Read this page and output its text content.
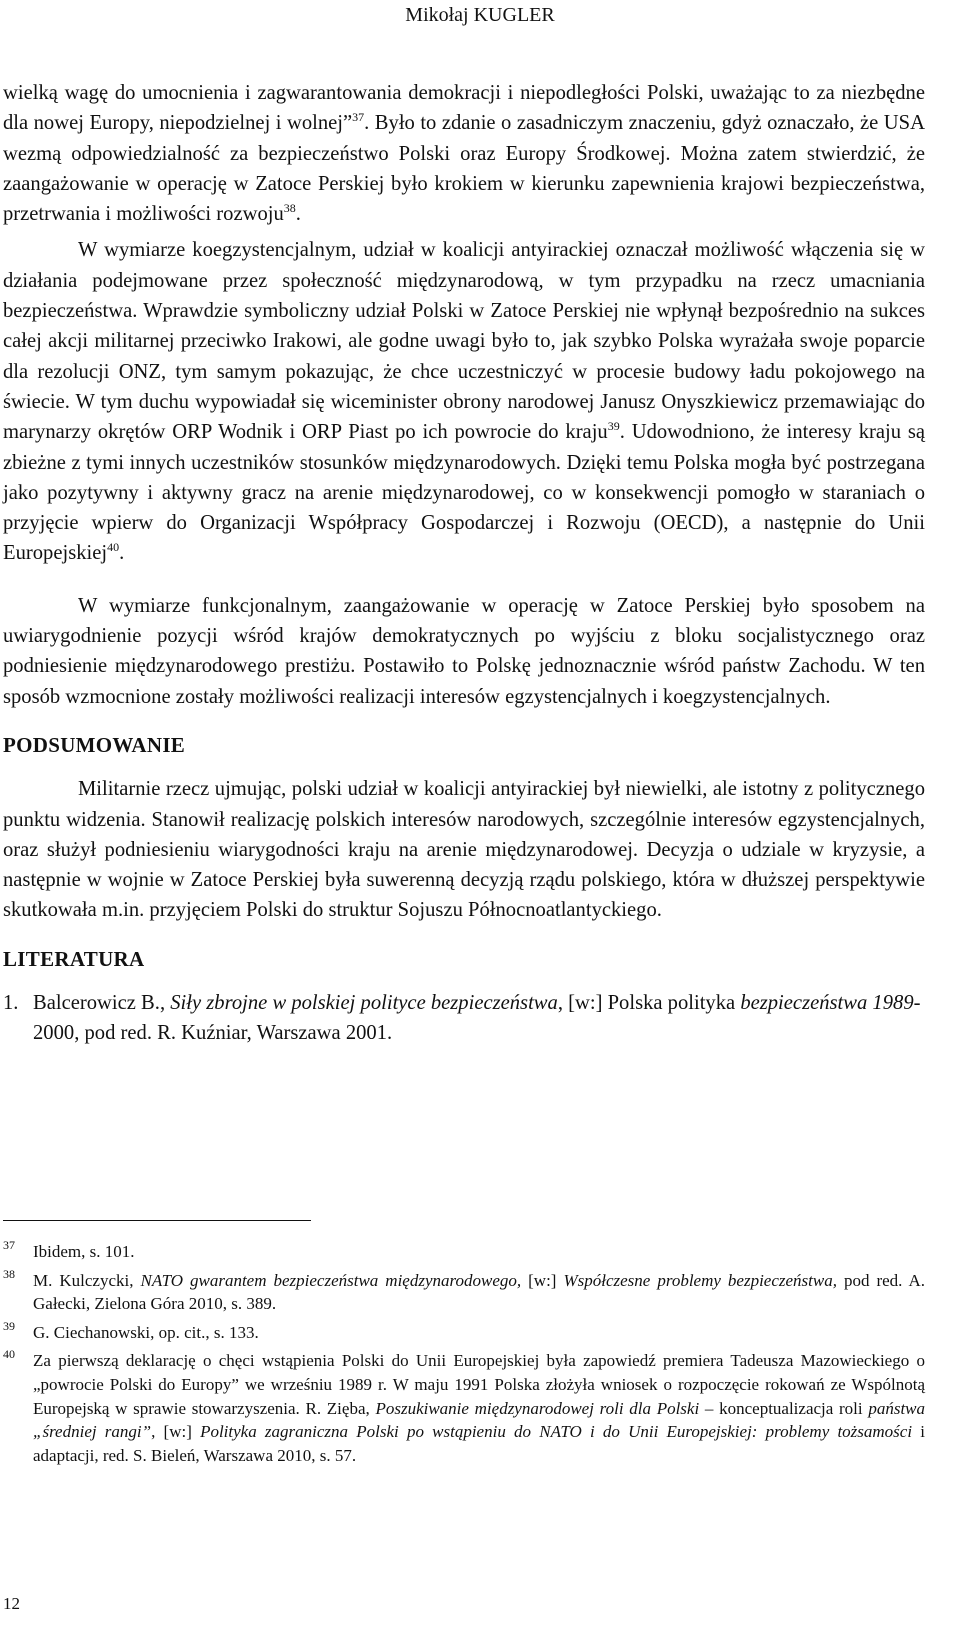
Mikołaj KUGLER

wielką wagę do umocnienia i zagwarantowania demokracji i niepodległości Polski, uważając to za niezbędne dla nowej Europy, niepodzielnej i wolnej”$^{37}$. Było to zdanie o zasadniczym znaczeniu, gdyż oznaczało, że USA wezmą odpowiedzialność za bezpieczeństwo Polski oraz Europy Środkowej. Można zatem stwierdzić, że zaangażowanie w operację w Zatoce Perskiej było krokiem w kierunku zapewnienia krajowi bezpieczeństwa, przetrwania i możliwości rozwoju$^{38}$.

W wymiarze koegzystencjalnym, udział w koalicji antyirackiej oznaczał możliwość włączenia się w działania podejmowane przez społeczność międzynarodową, w tym przypadku na rzecz umacniania bezpieczeństwa. Wprawdzie symboliczny udział Polski w Zatoce Perskiej nie wpłynął bezpośrednio na sukces całej akcji militarnej przeciwko Irakowi, ale godne uwagi było to, jak szybko Polska wyrażała swoje poparcie dla rezolucji ONZ, tym samym pokazując, że chce uczestniczyć w procesie budowy ładu pokojowego na świecie. W tym duchu wypowiadał się wiceminister obrony narodowej Janusz Onyszkiewicz przemawiając do marynarzy okrętów ORP Wodnik i ORP Piast po ich powrocie do kraju$^{39}$. Udowodniono, że interesy kraju są zbieżne z tymi innych uczestników stosunków międzynarodowych. Dzięki temu Polska mogła być postrzegana jako pozytywny i aktywny gracz na arenie międzynarodowej, co w konsekwencji pomogło w staraniach o przyjęcie wpierw do Organizacji Współpracy Gospodarczej i Rozwoju (OECD), a następnie do Unii Europejskiej$^{40}$.

W wymiarze funkcjonalnym, zaangażowanie w operację w Zatoce Perskiej było sposobem na uwiarygodnienie pozycji wśród krajów demokratycznych po wyjściu z bloku socjalistycznego oraz podniesienie międzynarodowego prestiżu. Postawiło to Polskę jednoznacznie wśród państw Zachodu. W ten sposób wzmocnione zostały możliwości realizacji interesów egzystencjalnych i koegzystencjalnych.

PODSUMOWANIE

Militarnie rzecz ujmując, polski udział w koalicji antyirackiej był niewielki, ale istotny z politycznego punktu widzenia. Stanowił realizację polskich interesów narodowych, szczególnie interesów egzystencjalnych, oraz służył podniesieniu wiarygodności kraju na arenie międzynarodowej. Decyzja o udziale w kryzysie, a następnie w wojnie w Zatoce Perskiej była suwerenną decyzją rządu polskiego, która w dłuższej perspektywie skutkowała m.in. przyjęciem Polski do struktur Sojuszu Północnoatlantyckiego.

LITERATURA

1. Balcerowicz B., Siły zbrojne w polskiej polityce bezpieczeństwa, [w:] Polska polityka bezpieczeństwa 1989-2000, pod red. R. Kuźniar, Warszawa 2001.
37 Ibidem, s. 101.
38 M. Kulczycki, NATO gwarantem bezpieczeństwa międzynarodowego, [w:] Współczesne problemy bezpieczeństwa, pod red. A. Gałecki, Zielona Góra 2010, s. 389.
39 G. Ciechanowski, op. cit., s. 133.
40 Za pierwszą deklarację o chęci wstąpienia Polski do Unii Europejskiej była zapowiedź premiera Tadeusza Mazowieckiego o „powrocie Polski do Europy” we wrześniu 1989 r. W maju 1991 Polska złożyła wniosek o rozpoczęcie rokowań ze Wspólnotą Europejską w sprawie stowarzyszenia. R. Zięba, Poszukiwanie międzynarodowej roli dla Polski – konceptualizacja roli państwa „średniej rangi”, [w:] Polityka zagraniczna Polski po wstąpieniu do NATO i do Unii Europejskiej: problemy tożsamości i adaptacji, red. S. Bieleń, Warszawa 2010, s. 57.
12
